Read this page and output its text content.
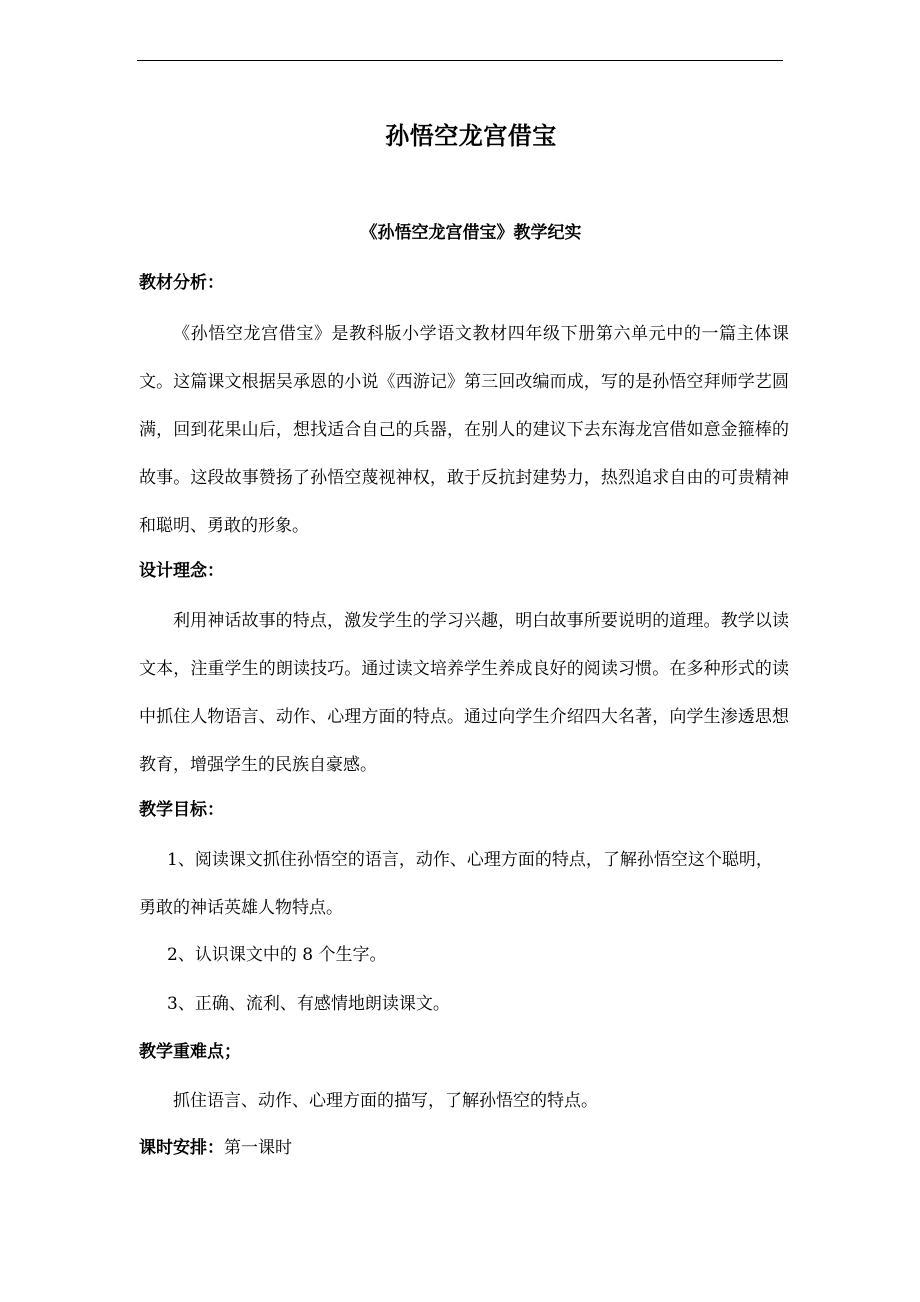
孙悟空龙宫借宝
《孙悟空龙宫借宝》教学纪实
教材分析：

《孙悟空龙宫借宝》是教科版小学语文教材四年级下册第六单元中的一篇主体课文。这篇课文根据吴承恩的小说《西游记》第三回改编而成，写的是孙悟空拜师学艺圆满，回到花果山后，想找适合自己的兵器，在别人的建议下去东海龙宫借如意金箍棒的故事。这段故事赞扬了孙悟空蔑视神权，敢于反抗封建势力，热烈追求自由的可贵精神和聪明、勇敢的形象。

设计理念：

利用神话故事的特点，激发学生的学习兴趣，明白故事所要说明的道理。教学以读文本，注重学生的朗读技巧。通过读文培养学生养成良好的阅读习惯。在多种形式的读中抓住人物语言、动作、心理方面的特点。通过向学生介绍四大名著，向学生渗透思想教育，增强学生的民族自豪感。

教学目标：

1、阅读课文抓住孙悟空的语言，动作、心理方面的特点，了解孙悟空这个聪明，勇敢的神话英雄人物特点。

2、认识课文中的 8 个生字。

3、正确、流利、有感情地朗读课文。

教学重难点；

抓住语言、动作、心理方面的描写，了解孙悟空的特点。

课时安排：第一课时
